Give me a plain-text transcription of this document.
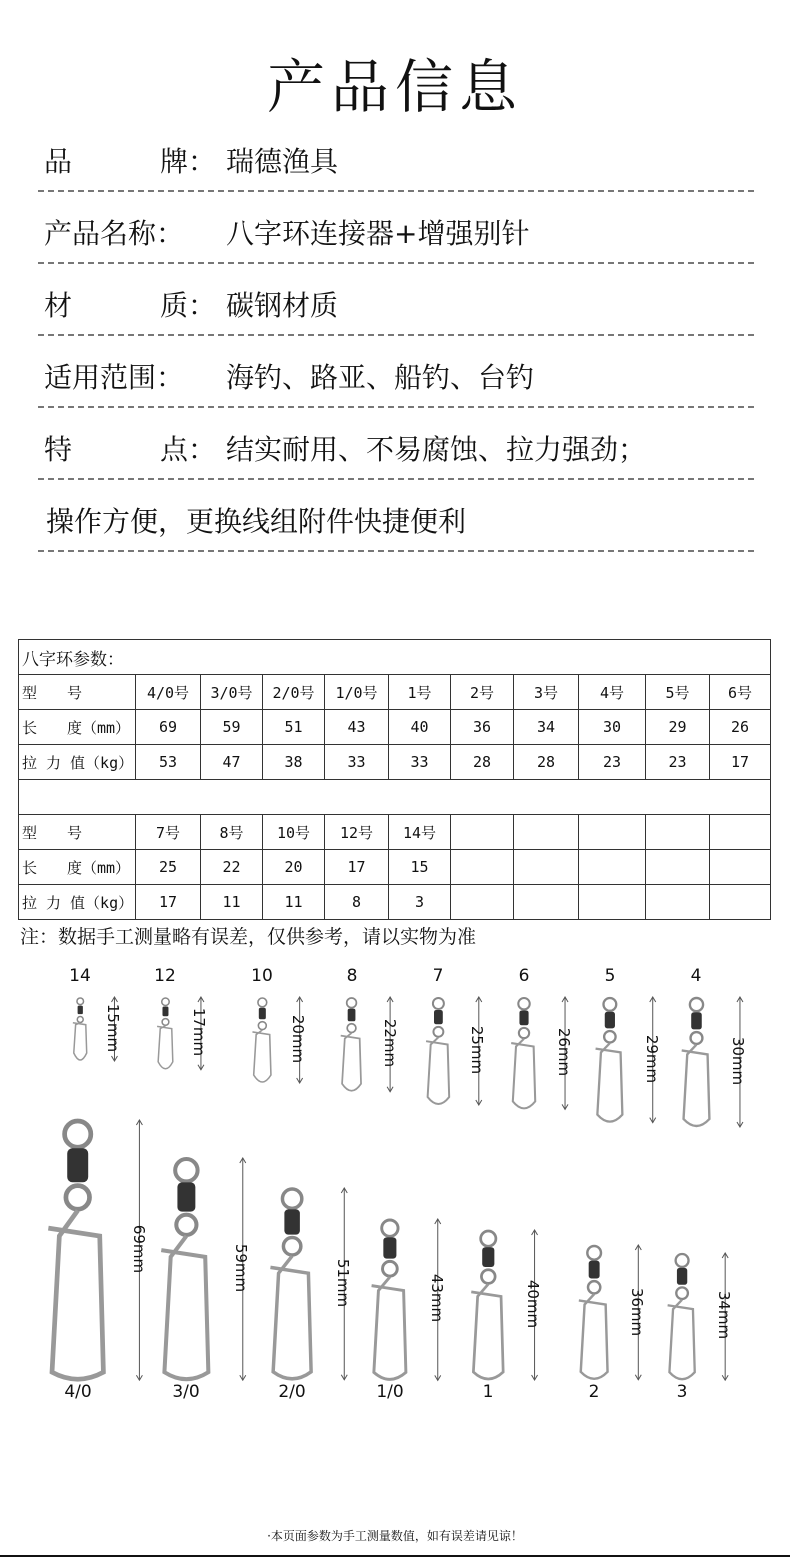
产品信息
品	牌： 瑞德渔具
产品名称： 八字环连接器+增强别针
材	质： 碳钢材质
适用范围： 海钓、路亚、船钓、台钓
特	点： 结实耐用、不易腐蚀、拉力强劲；
操作方便，更换线组附件快捷便利
八字环参数：										
型　　号	4/0号	3/0号	2/0号	1/0号	1号	2号	3号	4号	5号	6号
长　　度（mm）	69	59	51	43	40	36	34	30	29	26
拉 力 值（kg）	53	47	38	33	33	28	28	23	23	17

型　　号	7号	8号	10号	12号	14号					
长　　度（mm）	25	22	20	17	15					
拉 力 值（kg）	17	11	11	8	3					
注：数据手工测量略有误差，仅供参考，请以实物为准
15mm
14
17mm
12
20mm
10
22mm
8
25mm
7
26mm
6
29mm
5
30mm
4
69mm
4/0
59mm
3/0
51mm
2/0
43mm
1/0
40mm
1
36mm
2
34mm
3
·本页面参数为手工测量数值，如有误差请见谅！
